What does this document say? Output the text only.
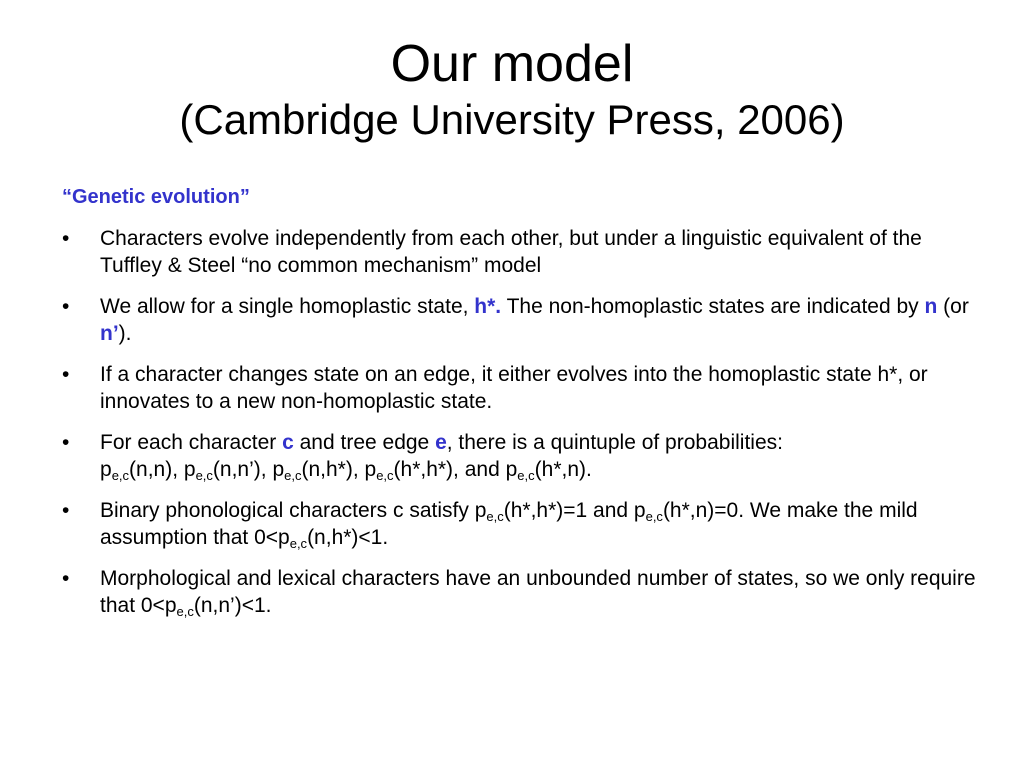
Our model

(Cambridge University Press, 2006)

“Genetic evolution”

• Characters evolve independently from each other, but under a linguistic equivalent of the Tuffley & Steel “no common mechanism” model
• We allow for a single homoplastic state, h*. The non-homoplastic states are indicated by n (or n’).
• If a character changes state on an edge, it either evolves into the homoplastic state h*, or innovates to a new non-homoplastic state.
• For each character c and tree edge e, there is a quintuple of probabilities:
$p_{e,c}(n,n)$, $p_{e,c}(n,n’)$, $p_{e,c}(n,h*)$, $p_{e,c}(h*,h*)$, and $p_{e,c}(h*,n)$.
• Binary phonological characters c satisfy $p_{e,c}(h*,h*)=1$ and $p_{e,c}(h*,n)=0$. We make the mild assumption that $0<p_{e,c}(n,h*)<1$.
• Morphological and lexical characters have an unbounded number of states, so we only require that $0<p_{e,c}(n,n’)<1$.
